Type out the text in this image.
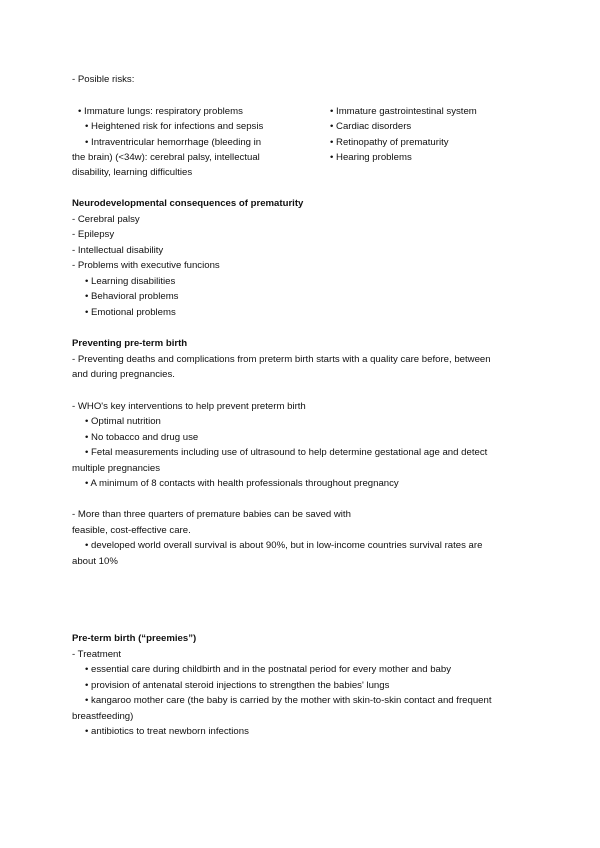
- Posible risks:
• Immature lungs: respiratory problems
• Heightened risk for infections and sepsis
• Intraventricular hemorrhage (bleeding in
the brain) (<34w): cerebral palsy, intellectual
disability, learning difficulties
• Immature gastrointestinal system
• Cardiac disorders
• Retinopathy of prematurity
• Hearing problems
Neurodevelopmental consequences of prematurity
- Cerebral palsy
- Epilepsy
- Intellectual disability
- Problems with executive funcions
• Learning disabilities
• Behavioral problems
• Emotional problems
Preventing pre-term birth
- Preventing deaths and complications from preterm birth starts with a quality care before, between
and during pregnancies.
- WHO's key interventions to help prevent preterm birth
• Optimal nutrition
• No tobacco and drug use
• Fetal measurements including use of ultrasound to help determine gestational age and detect
multiple pregnancies
• A minimum of 8 contacts with health professionals throughout pregnancy
- More than three quarters of premature babies can be saved with
feasible, cost-effective care.
• developed world overall survival is about 90%, but in low-income countries survival rates are
about 10%
Pre-term birth (“preemies”)
- Treatment
• essential care during childbirth and in the postnatal period for every mother and baby
• provision of antenatal steroid injections to strengthen the babies' lungs
• kangaroo mother care (the baby is carried by the mother with skin-to-skin contact and frequent
breastfeeding)
• antibiotics to treat newborn infections
